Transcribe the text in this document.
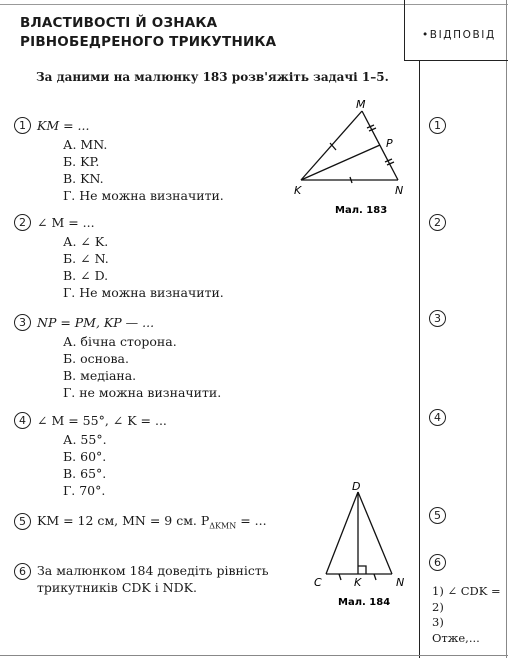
ВЛАСТИВОСТІ Й ОЗНАКА
РІВНОБЕДРЕНОГО ТРИКУТНИКА	•ВІДПОВІД
За даними на малюнку 183 розв'яжіть задачі 1–5.
1 KM = ...
А. MN.
Б. KP.
В. KN.
Г. Не можна визначити.
2 ∠ M = ...
А. ∠ K.
Б. ∠ N.
В. ∠ D.
Г. Не можна визначити.
3 NP = PM, KP — ...
А. бічна сторона.
Б. основа.
В. медіана.
Г. не можна визначити.
4 ∠ M = 55°, ∠ K = ...
А. 55°.
Б. 60°.
В. 65°.
Г. 70°.
5 KM = 12 см, MN = 9 см. $P_{\Delta KMN}$ = ...
6 За малюнком 184 доведіть рівність трикутників CDK і NDK.
M
P
K	N
Мал. 183
D
C	K	N
Мал. 184
1
2
3
4
5
6
1) ∠ CDK =
2)
3)
Отже,...
